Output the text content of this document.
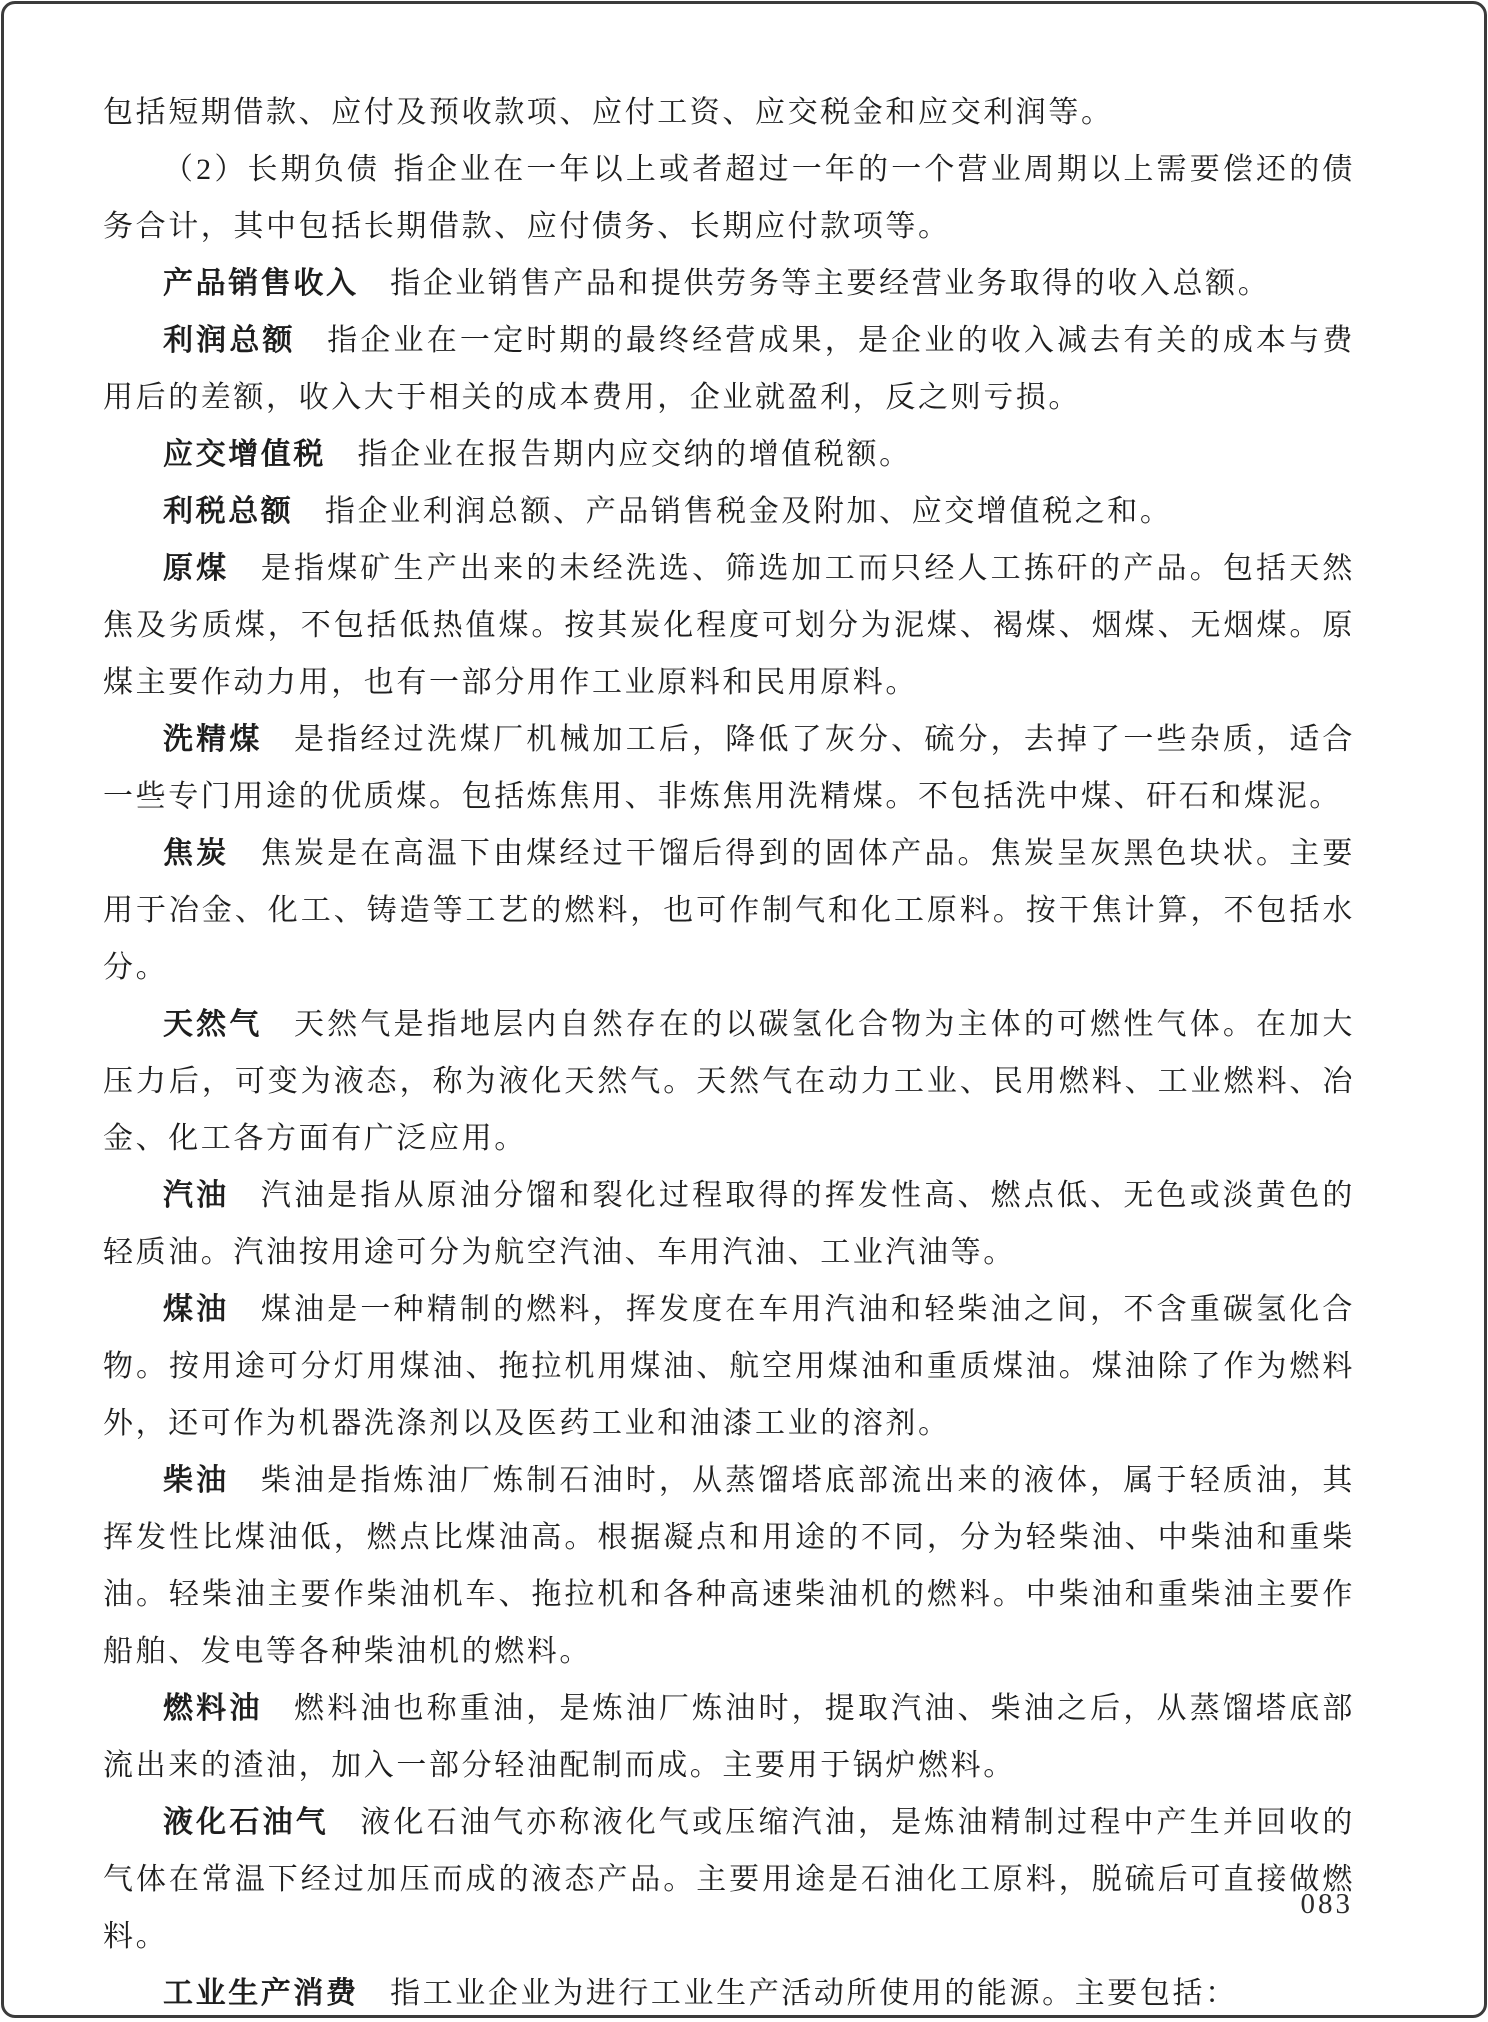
包括短期借款、应付及预收款项、应付工资、应交税金和应交利润等。

（2）长期负债 指企业在一年以上或者超过一年的一个营业周期以上需要偿还的债务合计，其中包括长期借款、应付债务、长期应付款项等。

产品销售收入 指企业销售产品和提供劳务等主要经营业务取得的收入总额。

利润总额 指企业在一定时期的最终经营成果，是企业的收入减去有关的成本与费用后的差额，收入大于相关的成本费用，企业就盈利，反之则亏损。

应交增值税 指企业在报告期内应交纳的增值税额。

利税总额 指企业利润总额、产品销售税金及附加、应交增值税之和。

原煤 是指煤矿生产出来的未经洗选、筛选加工而只经人工拣矸的产品。包括天然焦及劣质煤，不包括低热值煤。按其炭化程度可划分为泥煤、褐煤、烟煤、无烟煤。原煤主要作动力用，也有一部分用作工业原料和民用原料。

洗精煤 是指经过洗煤厂机械加工后，降低了灰分、硫分，去掉了一些杂质，适合一些专门用途的优质煤。包括炼焦用、非炼焦用洗精煤。不包括洗中煤、矸石和煤泥。

焦炭 焦炭是在高温下由煤经过干馏后得到的固体产品。焦炭呈灰黑色块状。主要用于冶金、化工、铸造等工艺的燃料，也可作制气和化工原料。按干焦计算，不包括水分。

天然气 天然气是指地层内自然存在的以碳氢化合物为主体的可燃性气体。在加大压力后，可变为液态，称为液化天然气。天然气在动力工业、民用燃料、工业燃料、冶金、化工各方面有广泛应用。

汽油 汽油是指从原油分馏和裂化过程取得的挥发性高、燃点低、无色或淡黄色的轻质油。汽油按用途可分为航空汽油、车用汽油、工业汽油等。

煤油 煤油是一种精制的燃料，挥发度在车用汽油和轻柴油之间，不含重碳氢化合物。按用途可分灯用煤油、拖拉机用煤油、航空用煤油和重质煤油。煤油除了作为燃料外，还可作为机器洗涤剂以及医药工业和油漆工业的溶剂。

柴油 柴油是指炼油厂炼制石油时，从蒸馏塔底部流出来的液体，属于轻质油，其挥发性比煤油低，燃点比煤油高。根据凝点和用途的不同，分为轻柴油、中柴油和重柴油。轻柴油主要作柴油机车、拖拉机和各种高速柴油机的燃料。中柴油和重柴油主要作船舶、发电等各种柴油机的燃料。

燃料油 燃料油也称重油，是炼油厂炼油时，提取汽油、柴油之后，从蒸馏塔底部流出来的渣油，加入一部分轻油配制而成。主要用于锅炉燃料。

液化石油气 液化石油气亦称液化气或压缩汽油，是炼油精制过程中产生并回收的气体在常温下经过加压而成的液态产品。主要用途是石油化工原料，脱硫后可直接做燃料。

工业生产消费 指工业企业为进行工业生产活动所使用的能源。主要包括：

083
